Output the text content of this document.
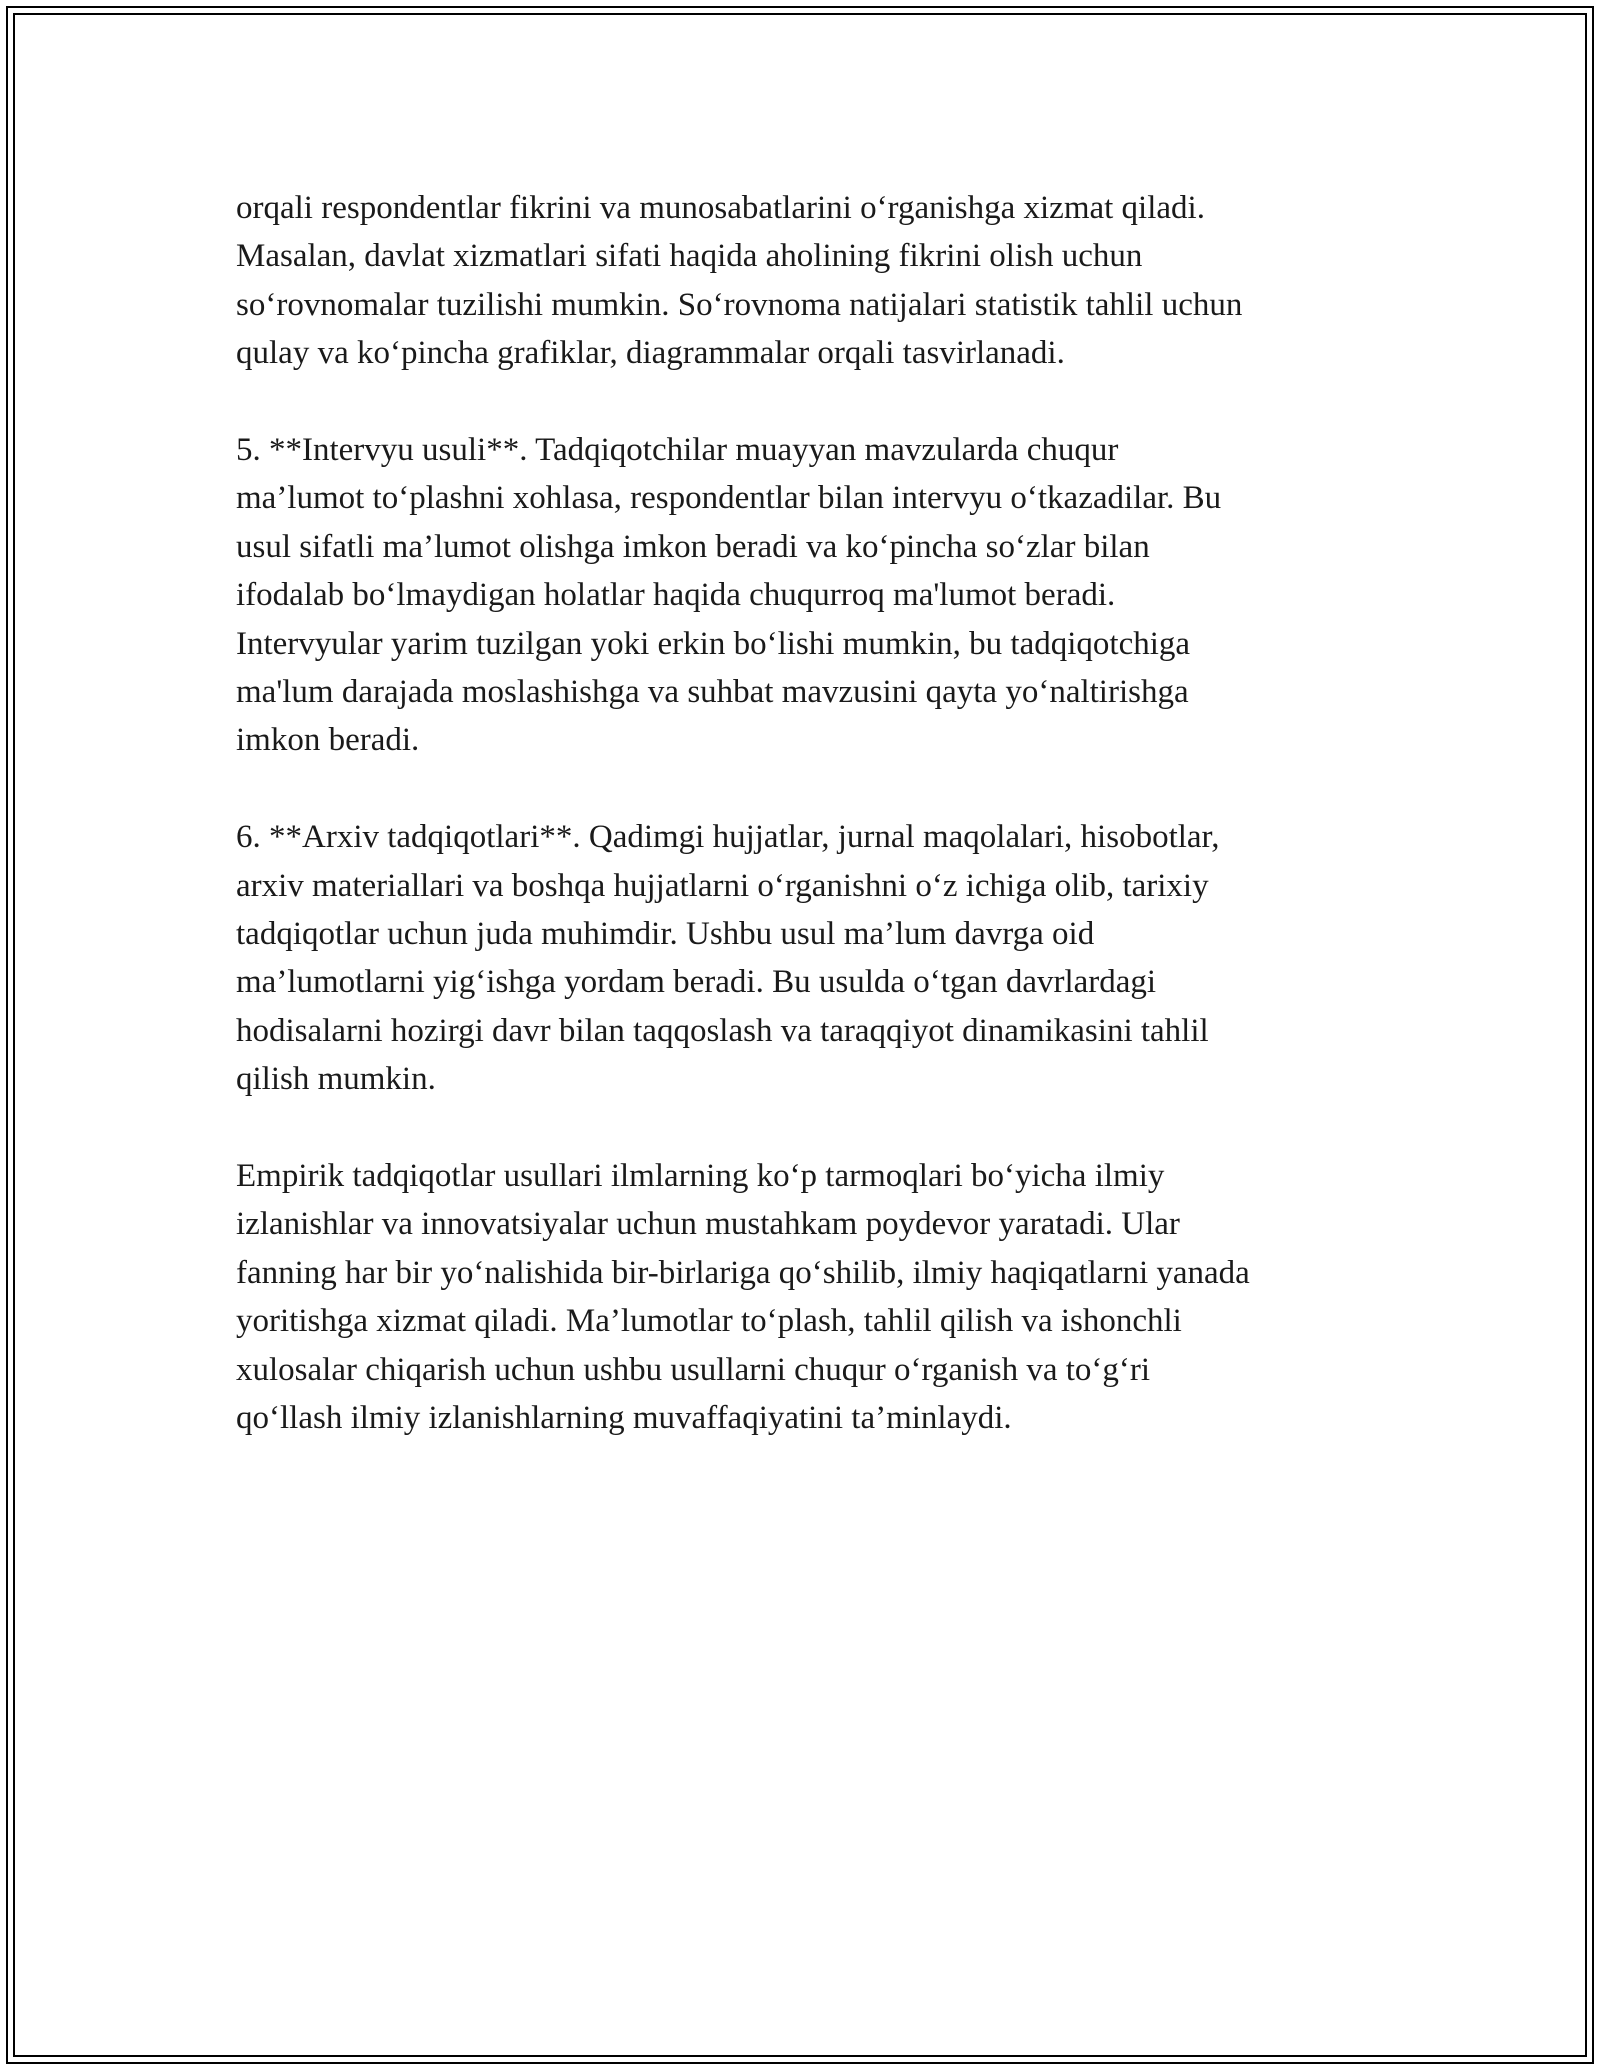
orqali respondentlar fikrini va munosabatlarini o‘rganishga xizmat qiladi.
Masalan, davlat xizmatlari sifati haqida aholining fikrini olish uchun
so‘rovnomalar tuzilishi mumkin. So‘rovnoma natijalari statistik tahlil uchun
qulay va ko‘pincha grafiklar, diagrammalar orqali tasvirlanadi.

5. **Intervyu usuli**. Tadqiqotchilar muayyan mavzularda chuqur
ma’lumot to‘plashni xohlasa, respondentlar bilan intervyu o‘tkazadilar. Bu
usul sifatli ma’lumot olishga imkon beradi va ko‘pincha so‘zlar bilan
ifodalab bo‘lmaydigan holatlar haqida chuqurroq ma'lumot beradi.
Intervyular yarim tuzilgan yoki erkin bo‘lishi mumkin, bu tadqiqotchiga
ma'lum darajada moslashishga va suhbat mavzusini qayta yo‘naltirishga
imkon beradi.

6. **Arxiv tadqiqotlari**. Qadimgi hujjatlar, jurnal maqolalari, hisobotlar,
arxiv materiallari va boshqa hujjatlarni o‘rganishni o‘z ichiga olib, tarixiy
tadqiqotlar uchun juda muhimdir. Ushbu usul ma’lum davrga oid
ma’lumotlarni yig‘ishga yordam beradi. Bu usulda o‘tgan davrlardagi
hodisalarni hozirgi davr bilan taqqoslash va taraqqiyot dinamikasini tahlil
qilish mumkin.

Empirik tadqiqotlar usullari ilmlarning ko‘p tarmoqlari bo‘yicha ilmiy
izlanishlar va innovatsiyalar uchun mustahkam poydevor yaratadi. Ular
fanning har bir yo‘nalishida bir-birlariga qo‘shilib, ilmiy haqiqatlarni yanada
yoritishga xizmat qiladi. Ma’lumotlar to‘plash, tahlil qilish va ishonchli
xulosalar chiqarish uchun ushbu usullarni chuqur o‘rganish va to‘g‘ri
qo‘llash ilmiy izlanishlarning muvaffaqiyatini ta’minlaydi.
